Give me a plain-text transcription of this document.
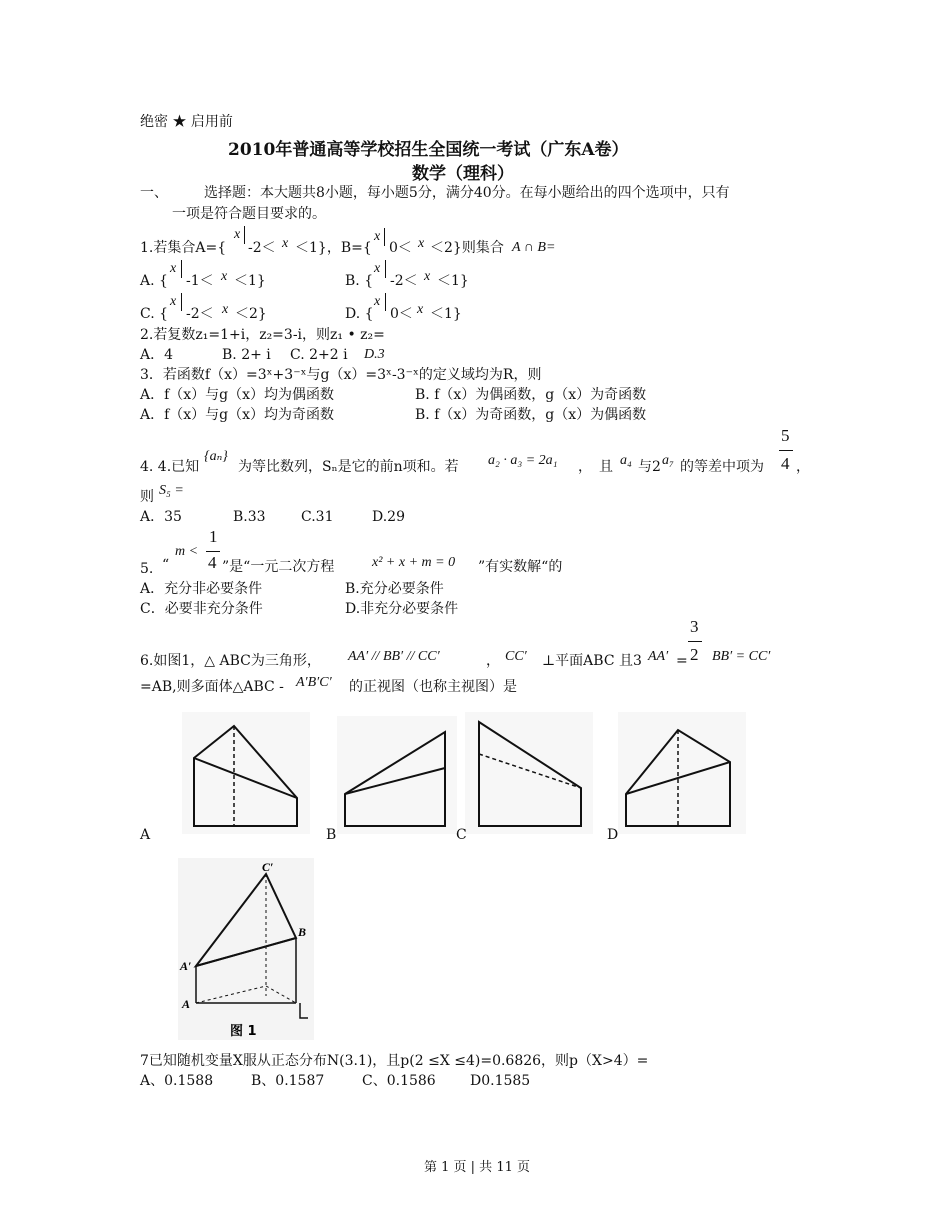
绝密 ★ 启用前
2010年普通高等学校招生全国统一考试（广东A卷）
数学（理科）
一、	选择题：本大题共8小题，每小题5分，满分40分。在每小题给出的四个选项中，只有
一项是符合题目要求的。
1.若集合A={
x
-2＜ x ＜1}，B={
x
0＜ x ＜2}则集合 A ∩ B=
A. {
x
-1＜ x ＜1}	B. {
x
-2＜ x ＜1}
C. {
x
-2＜ x ＜2}	D. {
x
0＜ x ＜1}
2.若复数z₁=1+i，z₂=3-i，则z₁ • z₂=
A．4	B. 2+ i C. 2+2 i D.3
3．若函数f（x）=3ˣ+3⁻ˣ与g（x）=3ˣ-3⁻ˣ的定义域均为R，则
A．f（x）与g（x）均为偶函数	B. f（x）为偶函数，g（x）为奇函数
A．f（x）与g（x）均为奇函数	B. f（x）为奇函数，g（x）为偶函数
4. 4.已知
{aₙ}
为等比数列，Sₙ是它的前n项和。若 a₂ · a₃ = 2a₁ ，　且 a₄ 与2 a₇ 的等差中项为
5
4 ，
则 S₅ =
A．35	B.33	C.31	D.29
5. “
m <
1
4 ”是“一元二次方程	x² + x + m = 0 ”有实数解“的
A．充分非必要条件	B.充分必要条件
C．必要非充分条件	D.非充分必要条件
6.如图1，△ ABC为三角形， AA′ // BB′ // CC′	， CC′ ⊥平面ABC 且3 AA′ =
3
2 BB′ = CC′
=AB,则多面体△ABC - A′B′C′ 的正视图（也称主视图）是
A	B	C	D
C′
B
A′
A
图 1
7已知随机变量X服从正态分布N(3.1)，且p(2 ≤X ≤4)=0.6826，则p（X>4）=
A、0.1588	B、0.1587	C、0.1586 D0.1585
第 1 页 | 共 11 页
